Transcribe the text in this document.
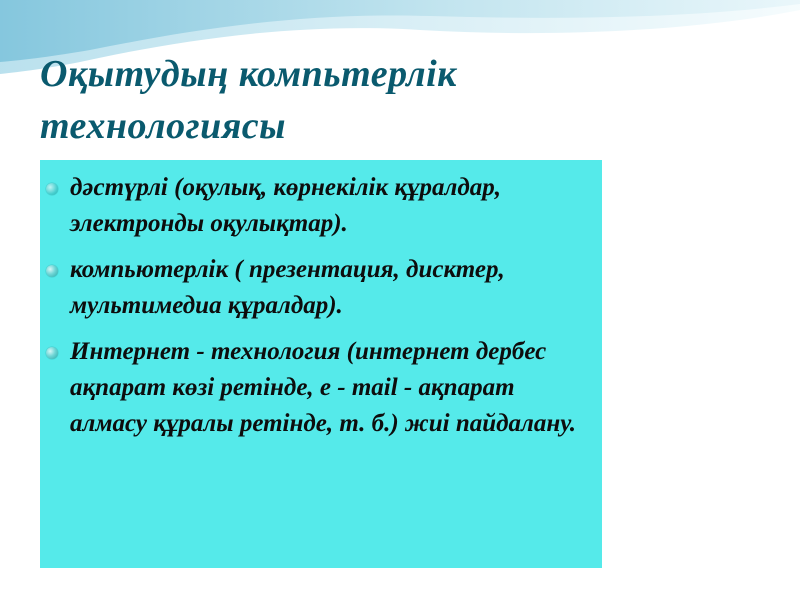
Оқытудың компьтерлік
технологиясы
дәстүрлі (оқулық, көрнекілік құралдар, электронды оқулықтар).
компьютерлік ( презентация, дисктер, мультимедиа құралдар).
Интернет - технология (интернет дербес ақпарат көзі ретінде, e - mail - ақпарат алмасу құралы ретінде, т. б.) жиі пайдалану.
